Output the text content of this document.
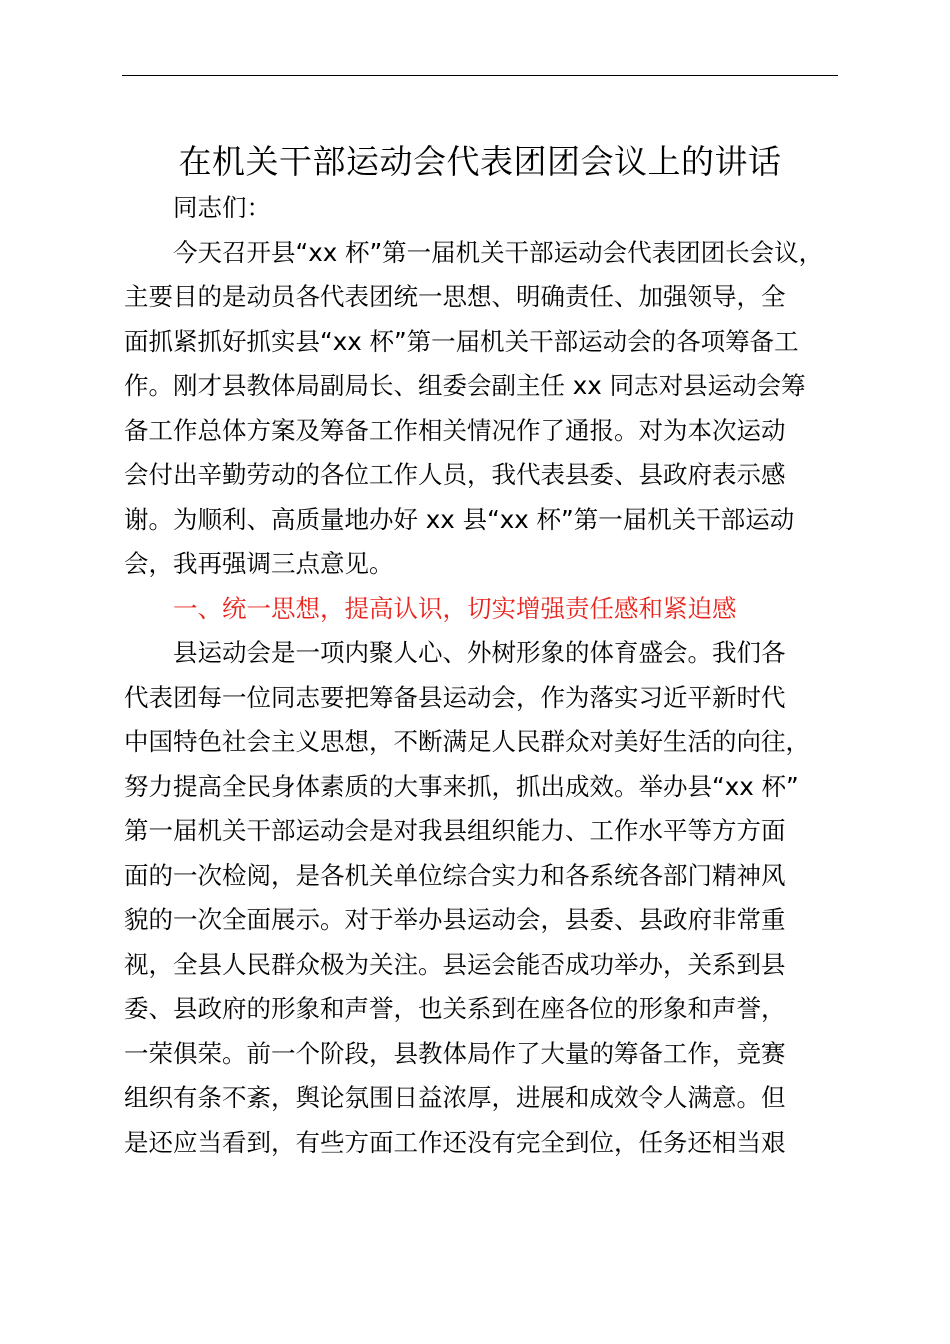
在机关干部运动会代表团团会议上的讲话
同志们：
今天召开县“xx 杯”第一届机关干部运动会代表团团长会议，
主要目的是动员各代表团统一思想、明确责任、加强领导，全
面抓紧抓好抓实县“xx 杯”第一届机关干部运动会的各项筹备工
作。刚才县教体局副局长、组委会副主任 xx 同志对县运动会筹
备工作总体方案及筹备工作相关情况作了通报。对为本次运动
会付出辛勤劳动的各位工作人员，我代表县委、县政府表示感
谢。为顺利、高质量地办好 xx 县“xx 杯”第一届机关干部运动
会，我再强调三点意见。
一、统一思想，提高认识，切实增强责任感和紧迫感
县运动会是一项内聚人心、外树形象的体育盛会。我们各
代表团每一位同志要把筹备县运动会，作为落实习近平新时代
中国特色社会主义思想，不断满足人民群众对美好生活的向往，
努力提高全民身体素质的大事来抓，抓出成效。举办县“xx 杯”
第一届机关干部运动会是对我县组织能力、工作水平等方方面
面的一次检阅，是各机关单位综合实力和各系统各部门精神风
貌的一次全面展示。对于举办县运动会，县委、县政府非常重
视，全县人民群众极为关注。县运会能否成功举办，关系到县
委、县政府的形象和声誉，也关系到在座各位的形象和声誉，
一荣俱荣。前一个阶段，县教体局作了大量的筹备工作，竞赛
组织有条不紊，舆论氛围日益浓厚，进展和成效令人满意。但
是还应当看到，有些方面工作还没有完全到位，任务还相当艰
